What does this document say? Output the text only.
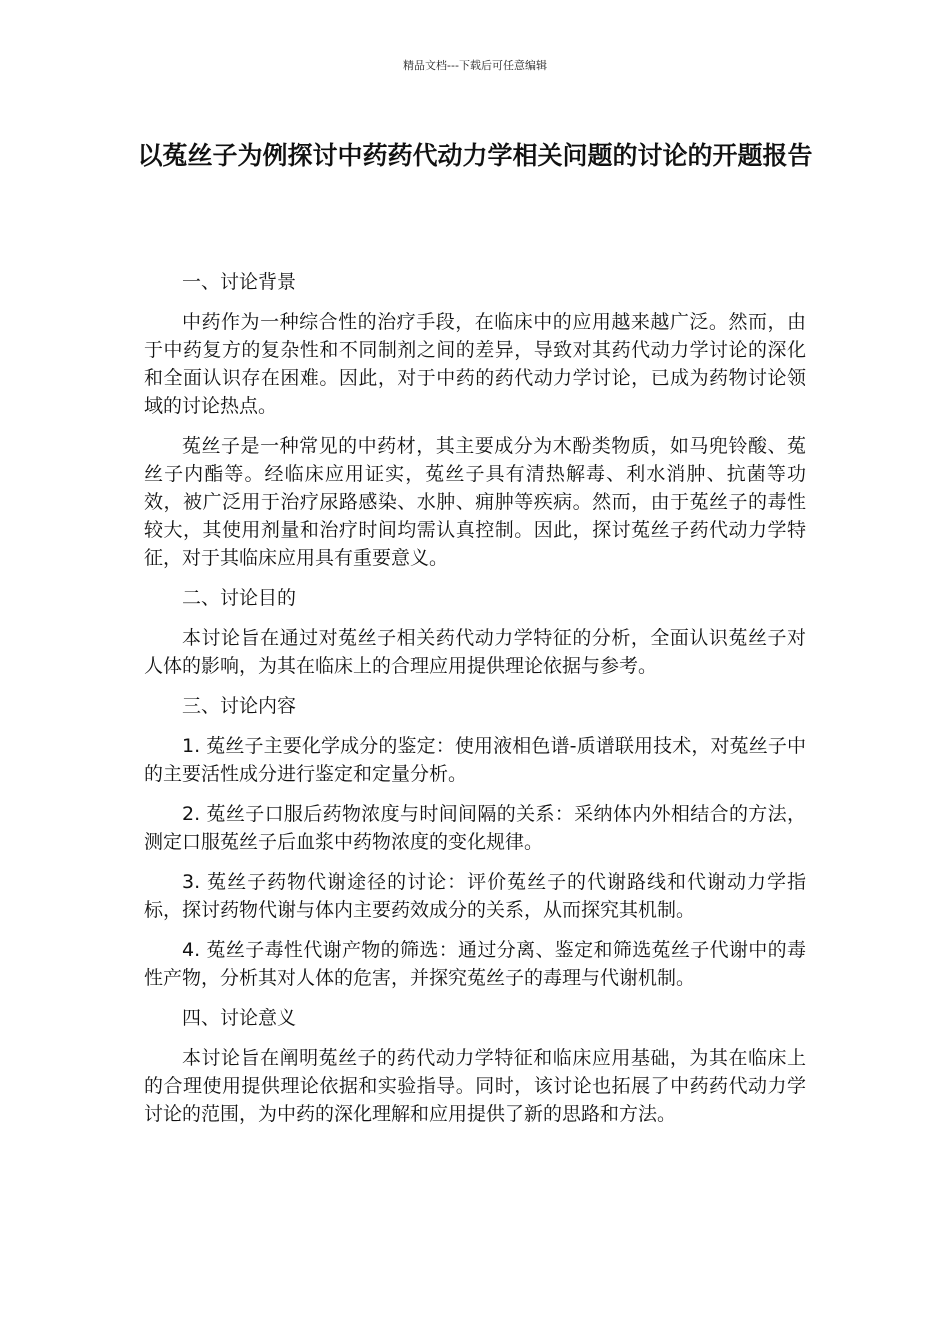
精品文档---下载后可任意编辑
以菟丝子为例探讨中药药代动力学相关问题的讨论的开题报告

一、讨论背景

中药作为一种综合性的治疗手段，在临床中的应用越来越广泛。然而，由于中药复方的复杂性和不同制剂之间的差异，导致对其药代动力学讨论的深化和全面认识存在困难。因此，对于中药的药代动力学讨论，已成为药物讨论领域的讨论热点。

菟丝子是一种常见的中药材，其主要成分为木酚类物质，如马兜铃酸、菟丝子内酯等。经临床应用证实，菟丝子具有清热解毒、利水消肿、抗菌等功效，被广泛用于治疗尿路感染、水肿、痈肿等疾病。然而，由于菟丝子的毒性较大，其使用剂量和治疗时间均需认真控制。因此，探讨菟丝子药代动力学特征，对于其临床应用具有重要意义。

二、讨论目的

本讨论旨在通过对菟丝子相关药代动力学特征的分析，全面认识菟丝子对人体的影响，为其在临床上的合理应用提供理论依据与参考。

三、讨论内容

1. 菟丝子主要化学成分的鉴定：使用液相色谱-质谱联用技术，对菟丝子中的主要活性成分进行鉴定和定量分析。

2. 菟丝子口服后药物浓度与时间间隔的关系：采纳体内外相结合的方法，测定口服菟丝子后血浆中药物浓度的变化规律。

3. 菟丝子药物代谢途径的讨论：评价菟丝子的代谢路线和代谢动力学指标，探讨药物代谢与体内主要药效成分的关系，从而探究其机制。

4. 菟丝子毒性代谢产物的筛选：通过分离、鉴定和筛选菟丝子代谢中的毒性产物，分析其对人体的危害，并探究菟丝子的毒理与代谢机制。

四、讨论意义

本讨论旨在阐明菟丝子的药代动力学特征和临床应用基础，为其在临床上的合理使用提供理论依据和实验指导。同时，该讨论也拓展了中药药代动力学讨论的范围，为中药的深化理解和应用提供了新的思路和方法。
